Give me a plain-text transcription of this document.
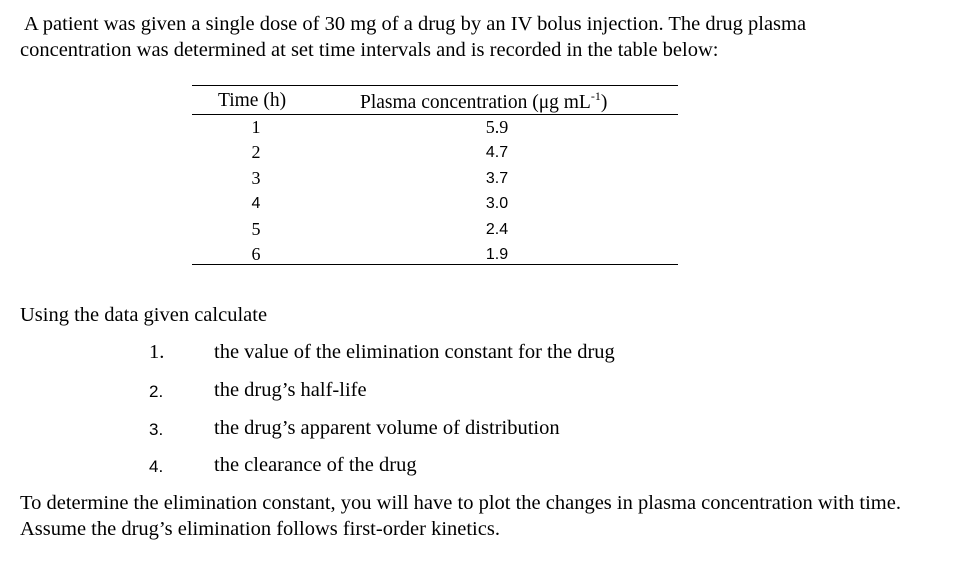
A patient was given a single dose of 30 mg of a drug by an IV bolus injection. The drug plasma
concentration was determined at set time intervals and is recorded in the table below:

Time (h)	Plasma concentration (μg $mL^{-1}$)
1	5.9
2	4.7
3	3.7
4	3.0
5	2.4
6	1.9

Using the data given calculate

1. the value of the elimination constant for the drug
2. the drug’s half-life
3. the drug’s apparent volume of distribution
4. the clearance of the drug

To determine the elimination constant, you will have to plot the changes in plasma concentration with time. Assume the drug’s elimination follows first-order kinetics.
